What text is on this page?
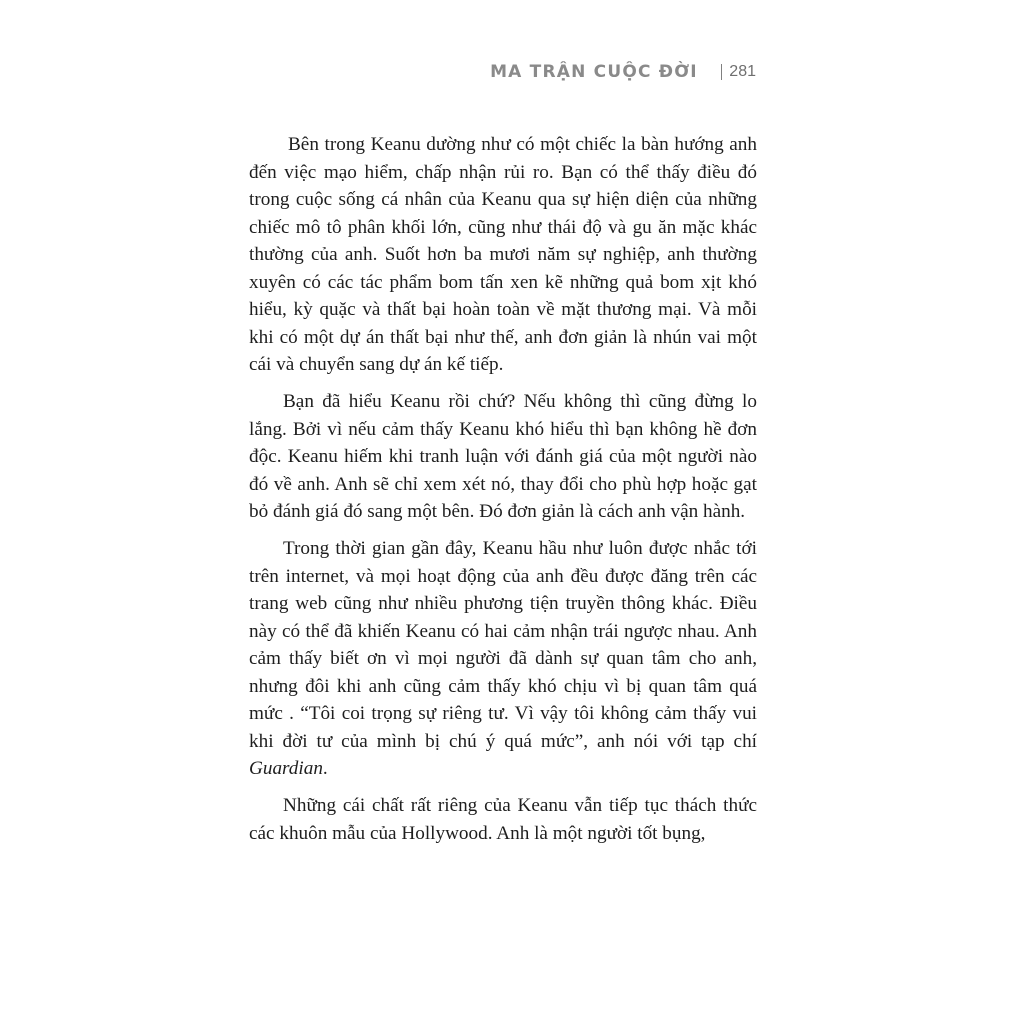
MA TRẬN CUỘC ĐỜI 281

Bên trong Keanu dường như có một chiếc la bàn hướng anh đến việc mạo hiểm, chấp nhận rủi ro. Bạn có thể thấy điều đó trong cuộc sống cá nhân của Keanu qua sự hiện diện của những chiếc mô tô phân khối lớn, cũng như thái độ và gu ăn mặc khác thường của anh. Suốt hơn ba mươi năm sự nghiệp, anh thường xuyên có các tác phẩm bom tấn xen kẽ những quả bom xịt khó hiểu, kỳ quặc và thất bại hoàn toàn về mặt thương mại. Và mỗi khi có một dự án thất bại như thế, anh đơn giản là nhún vai một cái và chuyển sang dự án kế tiếp.

Bạn đã hiểu Keanu rồi chứ? Nếu không thì cũng đừng lo lắng. Bởi vì nếu cảm thấy Keanu khó hiểu thì bạn không hề đơn độc. Keanu hiếm khi tranh luận với đánh giá của một người nào đó về anh. Anh sẽ chỉ xem xét nó, thay đổi cho phù hợp hoặc gạt bỏ đánh giá đó sang một bên. Đó đơn giản là cách anh vận hành.

Trong thời gian gần đây, Keanu hầu như luôn được nhắc tới trên internet, và mọi hoạt động của anh đều được đăng trên các trang web cũng như nhiều phương tiện truyền thông khác. Điều này có thể đã khiến Keanu có hai cảm nhận trái ngược nhau. Anh cảm thấy biết ơn vì mọi người đã dành sự quan tâm cho anh, nhưng đôi khi anh cũng cảm thấy khó chịu vì bị quan tâm quá mức . “Tôi coi trọng sự riêng tư. Vì vậy tôi không cảm thấy vui khi đời tư của mình bị chú ý quá mức”, anh nói với tạp chí Guardian.

Những cái chất rất riêng của Keanu vẫn tiếp tục thách thức các khuôn mẫu của Hollywood. Anh là một người tốt bụng,
